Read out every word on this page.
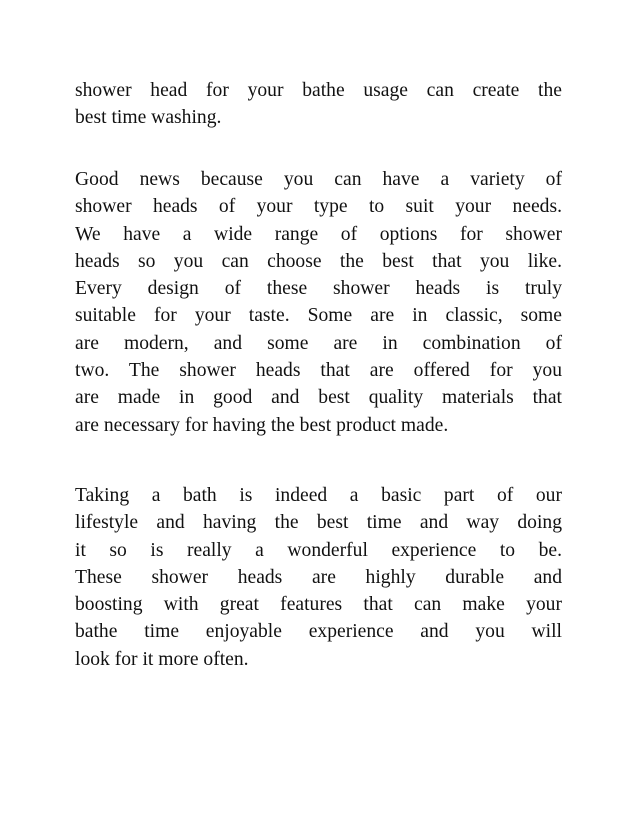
shower head for your bathe usage can create the
best time washing.
Good news because you can have a variety of
shower heads of your type to suit your needs.
We have a wide range of options for shower
heads so you can choose the best that you like.
Every design of these shower heads is truly
suitable for your taste. Some are in classic, some
are modern, and some are in combination of
two. The shower heads that are offered for you
are made in good and best quality materials that
are necessary for having the best product made.
Taking a bath is indeed a basic part of our
lifestyle and having the best time and way doing
it so is really a wonderful experience to be.
These shower heads are highly durable and
boosting with great features that can make your
bathe time enjoyable experience and you will
look for it more often.
